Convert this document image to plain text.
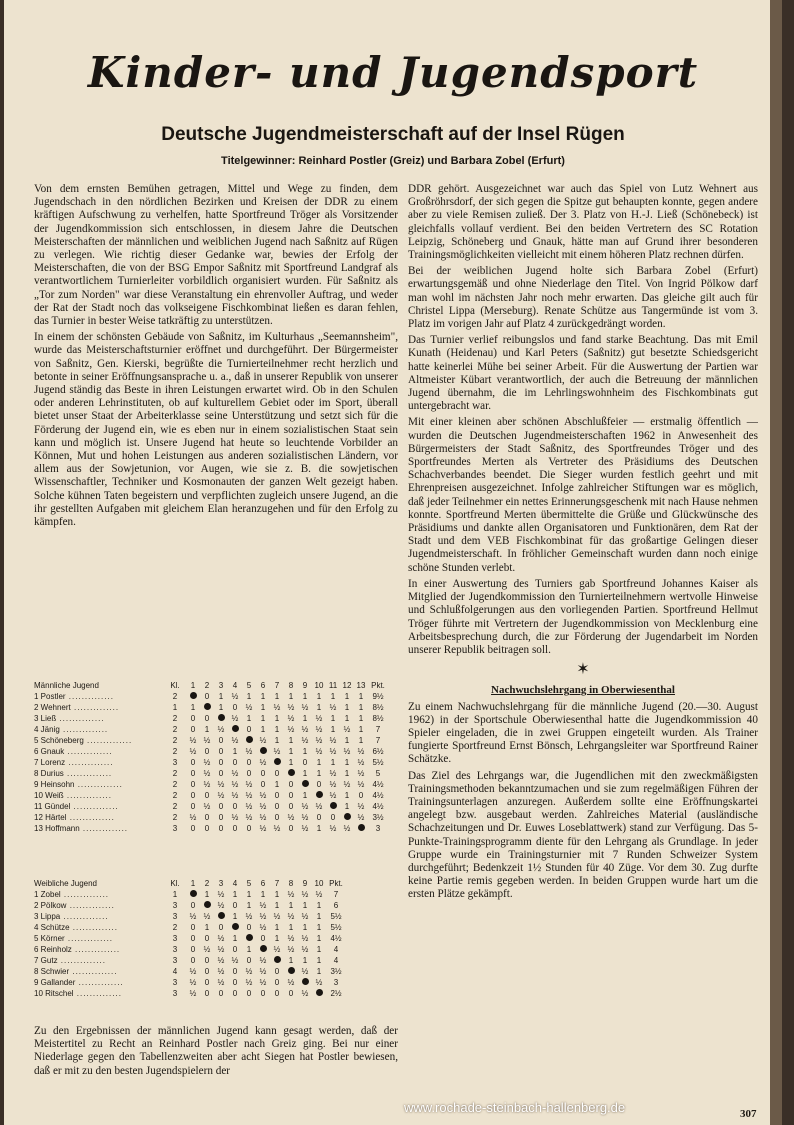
Kinder- und Jugendsport
Deutsche Jugendmeisterschaft auf der Insel Rügen
Titelgewinner: Reinhard Postler (Greiz) und Barbara Zobel (Erfurt)

Von dem ernsten Bemühen getragen, Mittel und Wege zu finden, dem Jugendschach in den nördlichen Bezirken und Kreisen der DDR zu einem kräftigen Aufschwung zu verhelfen, hatte Sportfreund Tröger als Vorsitzender der Jugendkommission sich entschlossen, in diesem Jahre die Deutschen Meisterschaften der männlichen und weiblichen Jugend nach Saßnitz auf Rügen zu verlegen. Wie richtig dieser Gedanke war, bewies der Erfolg der Meisterschaften, die von der BSG Empor Saßnitz mit Sportfreund Landgraf als verantwortlichem Turnierleiter vorbildlich organisiert wurden. Für Saßnitz als „Tor zum Norden" war diese Veranstaltung ein ehrenvoller Auftrag, und weder der Rat der Stadt noch das volkseigene Fischkombinat ließen es daran fehlen, das Turnier in bester Weise tatkräftig zu unterstützen.

In einem der schönsten Gebäude von Saßnitz, im Kulturhaus „Seemannsheim", wurde das Meisterschaftsturnier eröffnet und durchgeführt. Der Bürgermeister von Saßnitz, Gen. Kierski, begrüßte die Turnierteilnehmer recht herzlich und betonte in seiner Eröffnungsansprache u. a., daß in unserer Republik von unserer Jugend ständig das Beste in ihren Leistungen erwartet wird. Ob in den Schulen oder anderen Lehrinstituten, ob auf kulturellem Gebiet oder im Sport, überall bietet unser Staat der Arbeiterklasse seine Unterstützung und setzt sich für die Förderung der Jugend ein, wie es eben nur in einem sozialistischen Staat sein kann und möglich ist. Unsere Jugend hat heute so leuchtende Vorbilder an Können, Mut und hohen Leistungen aus anderen sozialistischen Ländern, vor allem aus der Sowjetunion, vor Augen, wie sie z. B. die sowjetischen Wissenschaftler, Techniker und Kosmonauten der ganzen Welt gezeigt haben. Solche kühnen Taten begeistern und verpflichten zugleich unsere Jugend, an die ihr gestellten Aufgaben mit gleichem Elan heranzugehen und für den Erfolg zu kämpfen.

Männliche Jugend	Kl.	1	2	3	4	5	6	7	8	9	10	11	12	13	Pkt.
1 Postler ..............	2		0	1	½	1	1	1	1	1	1	1	1	1	9½
2 Wehnert ..............	1	1		1	0	½	1	½	½	½	1	½	1	1	8½
3 Ließ ..............	2	0	0		½	1	1	1	½	1	½	1	1	1	8½
4 Jänig ..............	2	0	1	½		0	1	1	½	½	½	1	½	1	7
5 Schöneberg ..............	2	½	½	0	½		½	1	1	½	½	½	1	1	7
6 Gnauk ..............	2	½	0	0	1	½		½	1	1	½	½	½	½	6½
7 Lorenz ..............	3	0	½	0	0	0	½		1	0	1	1	1	½	5½
8 Durius ..............	2	0	½	0	½	0	0	0		1	1	½	1	½	5
9 Heinsohn ..............	2	0	½	½	½	½	0	1	0		0	½	½	½	4½
10 Weiß ..............	2	0	0	½	½	½	½	0	0	1		½	1	0	4½
11 Gündel ..............	2	0	½	0	0	½	½	0	0	½	½		1	½	4½
12 Härtel ..............	2	½	0	0	½	½	½	0	½	½	0	0		½	3½
13 Hoffmann ..............	3	0	0	0	0	0	½	½	0	½	1	½	½		3
Weibliche Jugend	Kl.	1	2	3	4	5	6	7	8	9	10	Pkt.
1 Zobel ..............	1		1	½	1	1	1	1	½	½	½	7
2 Pölkow ..............	3	0		½	0	1	½	1	1	1	1	6
3 Lippa ..............	3	½	½		1	½	½	½	½	½	1	5½
4 Schütze ..............	2	0	1	0		0	½	1	1	1	1	5½
5 Körner ..............	3	0	0	½	1		0	1	½	½	1	4½
6 Reinholz ..............	3	0	½	½	0	1		½	½	½	1	4
7 Gutz ..............	3	0	0	½	½	0	½		1	1	1	4
8 Schwier ..............	4	½	0	½	0	½	½	0		½	1	3½
9 Gallander ..............	3	½	0	½	0	½	½	0	½		½	3
10 Ritschel ..............	3	½	0	0	0	0	0	0	0	½		2½

Zu den Ergebnissen der männlichen Jugend kann gesagt werden, daß der Meistertitel zu Recht an Reinhard Postler nach Greiz ging. Bei nur einer Niederlage gegen den Tabellenzweiten aber acht Siegen hat Postler bewiesen, daß er mit zu den besten Jugendspielern der

DDR gehört. Ausgezeichnet war auch das Spiel von Lutz Wehnert aus Großröhrsdorf, der sich gegen die Spitze gut behaupten konnte, gegen andere aber zu viele Remisen zuließ. Der 3. Platz von H.-J. Ließ (Schönebeck) ist gleichfalls vollauf verdient. Bei den beiden Vertretern des SC Rotation Leipzig, Schöneberg und Gnauk, hätte man auf Grund ihrer besonderen Trainingsmöglichkeiten vielleicht mit einem höheren Platz rechnen dürfen.

Bei der weiblichen Jugend holte sich Barbara Zobel (Erfurt) erwartungsgemäß und ohne Niederlage den Titel. Von Ingrid Pölkow darf man wohl im nächsten Jahr noch mehr erwarten. Das gleiche gilt auch für Christel Lippa (Merseburg). Renate Schütze aus Tangermünde ist vom 3. Platz im vorigen Jahr auf Platz 4 zurückgedrängt worden.

Das Turnier verlief reibungslos und fand starke Beachtung. Das mit Emil Kunath (Heidenau) und Karl Peters (Saßnitz) gut besetzte Schiedsgericht hatte keinerlei Mühe bei seiner Arbeit. Für die Auswertung der Partien war Altmeister Kübart verantwortlich, der auch die Betreuung der männlichen Jugend übernahm, die im Lehrlingswohnheim des Fischkombinats gut untergebracht war.

Mit einer kleinen aber schönen Abschlußfeier — erstmalig öffentlich — wurden die Deutschen Jugendmeisterschaften 1962 in Anwesenheit des Bürgermeisters der Stadt Saßnitz, des Sportfreundes Tröger und des Sportfreundes Merten als Vertreter des Präsidiums des Deutschen Schachverbandes beendet. Die Sieger wurden festlich geehrt und mit Ehrenpreisen ausgezeichnet. Infolge zahlreicher Stiftungen war es möglich, daß jeder Teilnehmer ein nettes Erinnerungsgeschenk mit nach Hause nehmen konnte. Sportfreund Merten übermittelte die Grüße und Glückwünsche des Präsidiums und dankte allen Organisatoren und Funktionären, dem Rat der Stadt und dem VEB Fischkombinat für das großartige Gelingen dieser Jugendmeisterschaft. In fröhlicher Gemeinschaft wurden dann noch einige schöne Stunden verlebt.

In einer Auswertung des Turniers gab Sportfreund Johannes Kaiser als Mitglied der Jugendkommission den Turnierteilnehmern wertvolle Hinweise und Schlußfolgerungen aus den vorliegenden Partien. Sportfreund Hellmut Tröger führte mit Vertretern der Jugendkommission von Mecklenburg eine Arbeitsbesprechung durch, die zur Förderung der Jugendarbeit im Norden unserer Republik beitragen soll.

✶
Nachwuchslehrgang in Oberwiesenthal

Zu einem Nachwuchslehrgang für die männliche Jugend (20.—30. August 1962) in der Sportschule Oberwiesenthal hatte die Jugendkommission 40 Spieler eingeladen, die in zwei Gruppen eingeteilt wurden. Als Trainer fungierte Sportfreund Ernst Bönsch, Lehrgangsleiter war Sportfreund Rainer Schätzke.

Das Ziel des Lehrgangs war, die Jugendlichen mit den zweckmäßigsten Trainingsmethoden bekanntzumachen und sie zum regelmäßigen Führen der Trainingsunterlagen anzuregen. Außerdem sollte eine Eröffnungskartei angelegt bzw. ausgebaut werden. Zahlreiches Material (ausländische Schachzeitungen und Dr. Euwes Loseblattwerk) stand zur Verfügung. Das 5-Punkte-Trainingsprogramm diente für den Lehrgang als Grundlage. In jeder Gruppe wurde ein Trainingsturnier mit 7 Runden Schweizer System durchgeführt; Bedenkzeit 1½ Stunden für 40 Züge. Vor dem 30. Zug durfte keine Partie remis gegeben werden. In beiden Gruppen wurde hart um die ersten Plätze gekämpft.

www.rochade-steinbach-hallenberg.de	307
